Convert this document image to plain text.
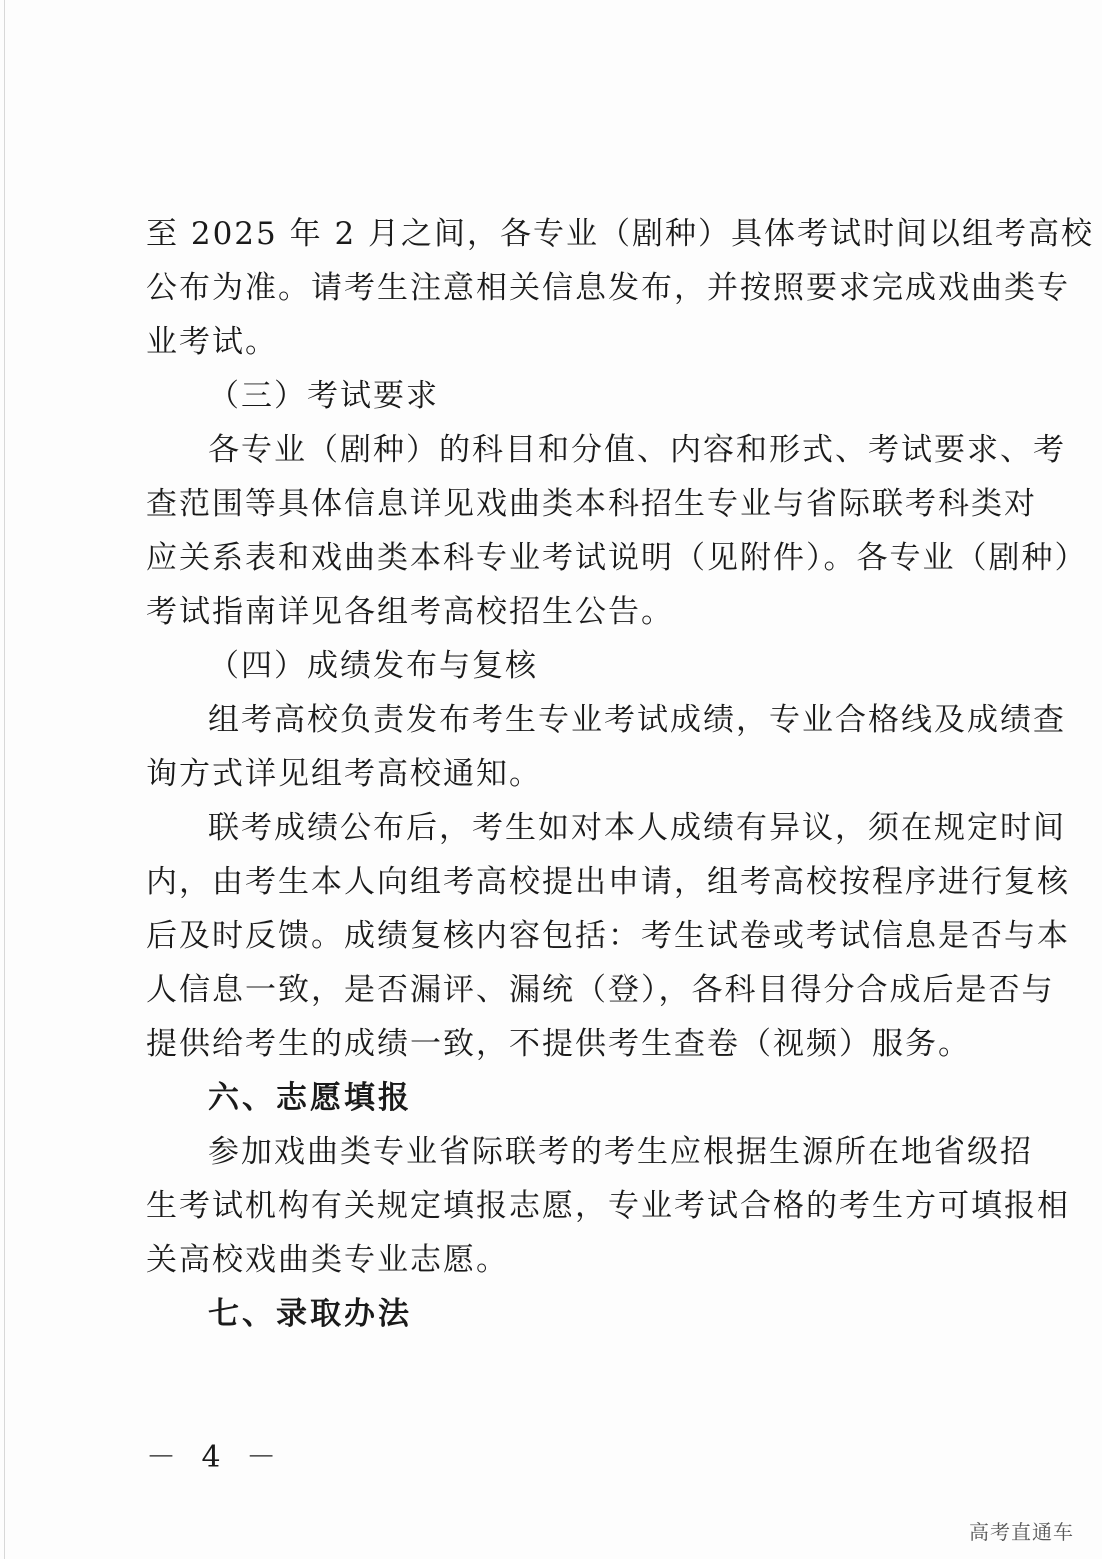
至 2025 年 2 月之间，各专业（剧种）具体考试时间以组考高校
公布为准。请考生注意相关信息发布，并按照要求完成戏曲类专
业考试。
（三）考试要求
各专业（剧种）的科目和分值、内容和形式、考试要求、考
查范围等具体信息详见戏曲类本科招生专业与省际联考科类对
应关系表和戏曲类本科专业考试说明（见附件）。各专业（剧种）
考试指南详见各组考高校招生公告。
（四）成绩发布与复核
组考高校负责发布考生专业考试成绩，专业合格线及成绩查
询方式详见组考高校通知。
联考成绩公布后，考生如对本人成绩有异议，须在规定时间
内，由考生本人向组考高校提出申请，组考高校按程序进行复核
后及时反馈。成绩复核内容包括：考生试卷或考试信息是否与本
人信息一致，是否漏评、漏统（登），各科目得分合成后是否与
提供给考生的成绩一致，不提供考生查卷（视频）服务。
六、志愿填报
参加戏曲类专业省际联考的考生应根据生源所在地省级招
生考试机构有关规定填报志愿，专业考试合格的考生方可填报相
关高校戏曲类专业志愿。
七、录取办法
－ 4 －
高考直通车
